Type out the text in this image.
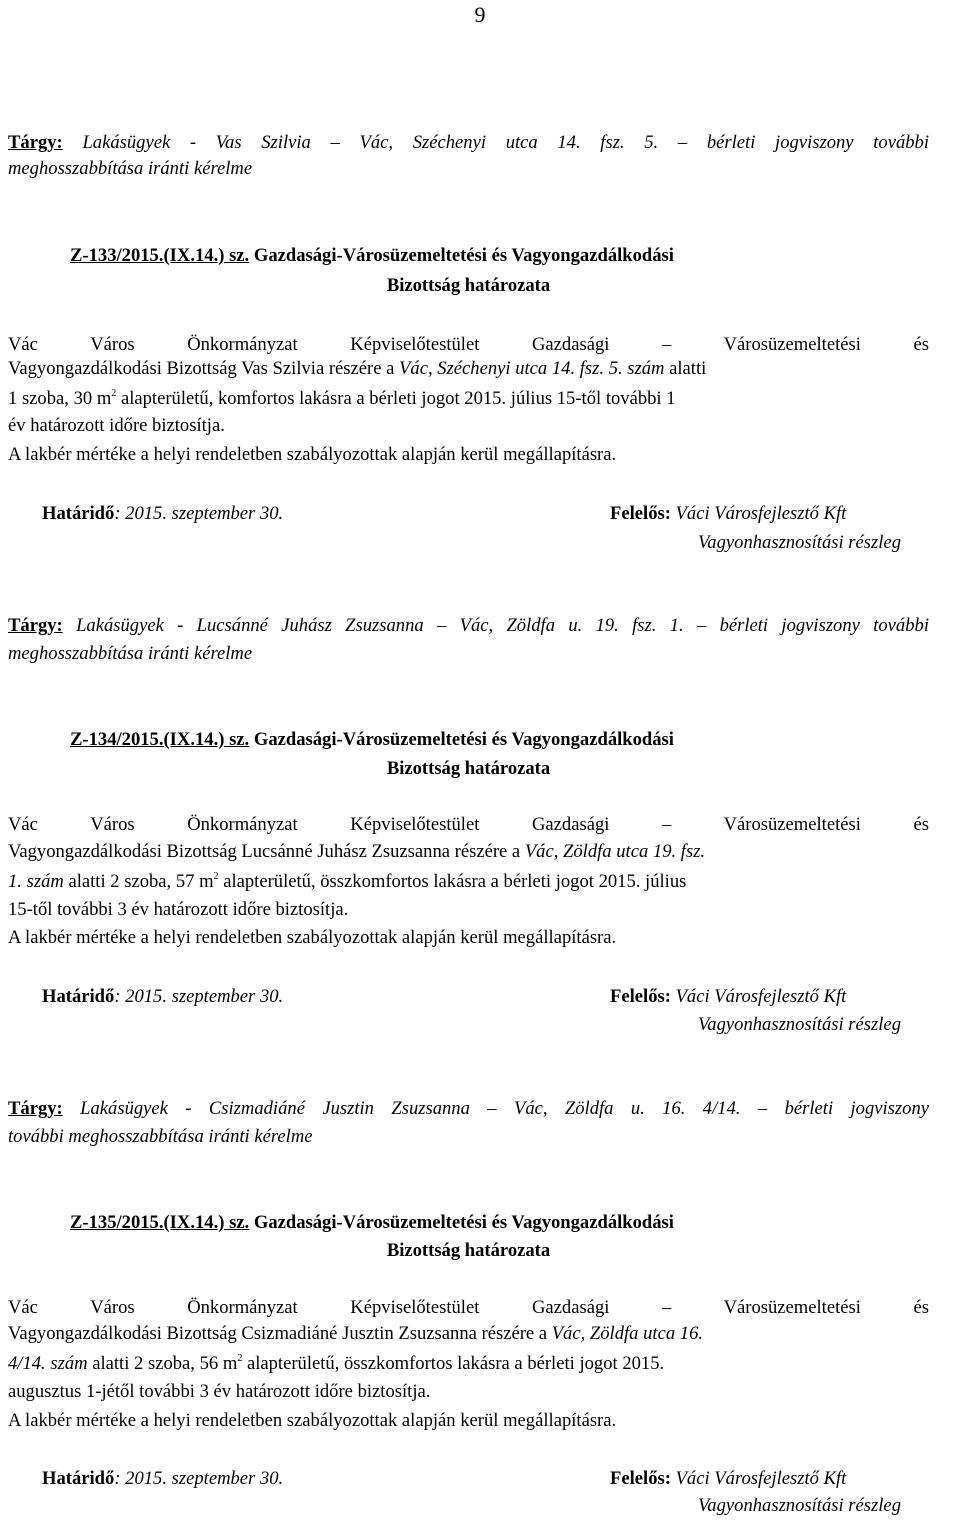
9
Tárgy: Lakásügyek - Vas Szilvia – Vác, Széchenyi utca 14. fsz. 5. – bérleti jogviszony további
meghosszabbítása iránti kérelme
Z-133/2015.(IX.14.) sz. Gazdasági-Városüzemeltetési és Vagyongazdálkodási
Bizottság határozata
Vác Város Önkormányzat Képviselőtestület Gazdasági – Városüzemeltetési és
Vagyongazdálkodási Bizottság Vas Szilvia részére a Vác, Széchenyi utca 14. fsz. 5. szám alatti
1 szoba, 30 $m^2$ alapterületű, komfortos lakásra a bérleti jogot 2015. július 15-től további 1
év határozott időre biztosítja.
A lakbér mértéke a helyi rendeletben szabályozottak alapján kerül megállapításra.
Határidő: 2015. szeptember 30.	Felelős: Váci Városfejlesztő Kft
Vagyonhasznosítási részleg
Tárgy: Lakásügyek - Lucsánné Juhász Zsuzsanna – Vác, Zöldfa u. 19. fsz. 1. – bérleti jogviszony további
meghosszabbítása iránti kérelme
Z-134/2015.(IX.14.) sz. Gazdasági-Városüzemeltetési és Vagyongazdálkodási
Bizottság határozata
Vác Város Önkormányzat Képviselőtestület Gazdasági – Városüzemeltetési és
Vagyongazdálkodási Bizottság Lucsánné Juhász Zsuzsanna részére a Vác, Zöldfa utca 19. fsz.
1. szám alatti 2 szoba, 57 $m^2$ alapterületű, összkomfortos lakásra a bérleti jogot 2015. július
15-től további 3 év határozott időre biztosítja.
A lakbér mértéke a helyi rendeletben szabályozottak alapján kerül megállapításra.
Határidő: 2015. szeptember 30.	Felelős: Váci Városfejlesztő Kft
Vagyonhasznosítási részleg
Tárgy: Lakásügyek - Csizmadiáné Jusztin Zsuzsanna – Vác, Zöldfa u. 16. 4/14. – bérleti jogviszony
további meghosszabbítása iránti kérelme
Z-135/2015.(IX.14.) sz. Gazdasági-Városüzemeltetési és Vagyongazdálkodási
Bizottság határozata
Vác Város Önkormányzat Képviselőtestület Gazdasági – Városüzemeltetési és
Vagyongazdálkodási Bizottság Csizmadiáné Jusztin Zsuzsanna részére a Vác, Zöldfa utca 16.
4/14. szám alatti 2 szoba, 56 $m^2$ alapterületű, összkomfortos lakásra a bérleti jogot 2015.
augusztus 1-jétől további 3 év határozott időre biztosítja.
A lakbér mértéke a helyi rendeletben szabályozottak alapján kerül megállapításra.
Határidő: 2015. szeptember 30.	Felelős: Váci Városfejlesztő Kft
Vagyonhasznosítási részleg
